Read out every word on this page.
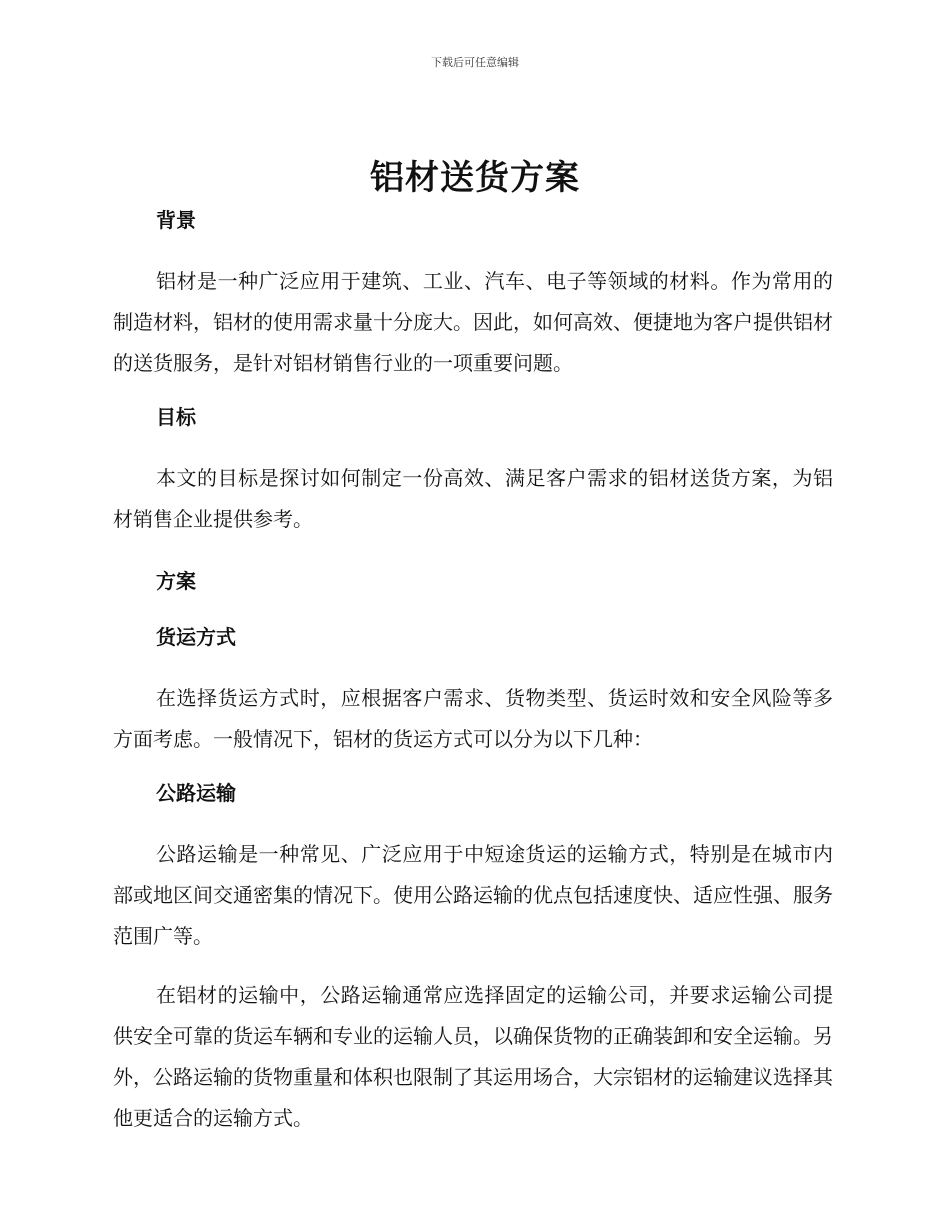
下载后可任意编辑
铝材送货方案
背景

铝材是一种广泛应用于建筑、工业、汽车、电子等领域的材料。作为常用的制造材料，铝材的使用需求量十分庞大。因此，如何高效、便捷地为客户提供铝材的送货服务，是针对铝材销售行业的一项重要问题。

目标

本文的目标是探讨如何制定一份高效、满足客户需求的铝材送货方案，为铝材销售企业提供参考。

方案
货运方式

在选择货运方式时，应根据客户需求、货物类型、货运时效和安全风险等多方面考虑。一般情况下，铝材的货运方式可以分为以下几种：

公路运输

公路运输是一种常见、广泛应用于中短途货运的运输方式，特别是在城市内部或地区间交通密集的情况下。使用公路运输的优点包括速度快、适应性强、服务范围广等。

在铝材的运输中，公路运输通常应选择固定的运输公司，并要求运输公司提供安全可靠的货运车辆和专业的运输人员，以确保货物的正确装卸和安全运输。另外，公路运输的货物重量和体积也限制了其运用场合，大宗铝材的运输建议选择其他更适合的运输方式。
